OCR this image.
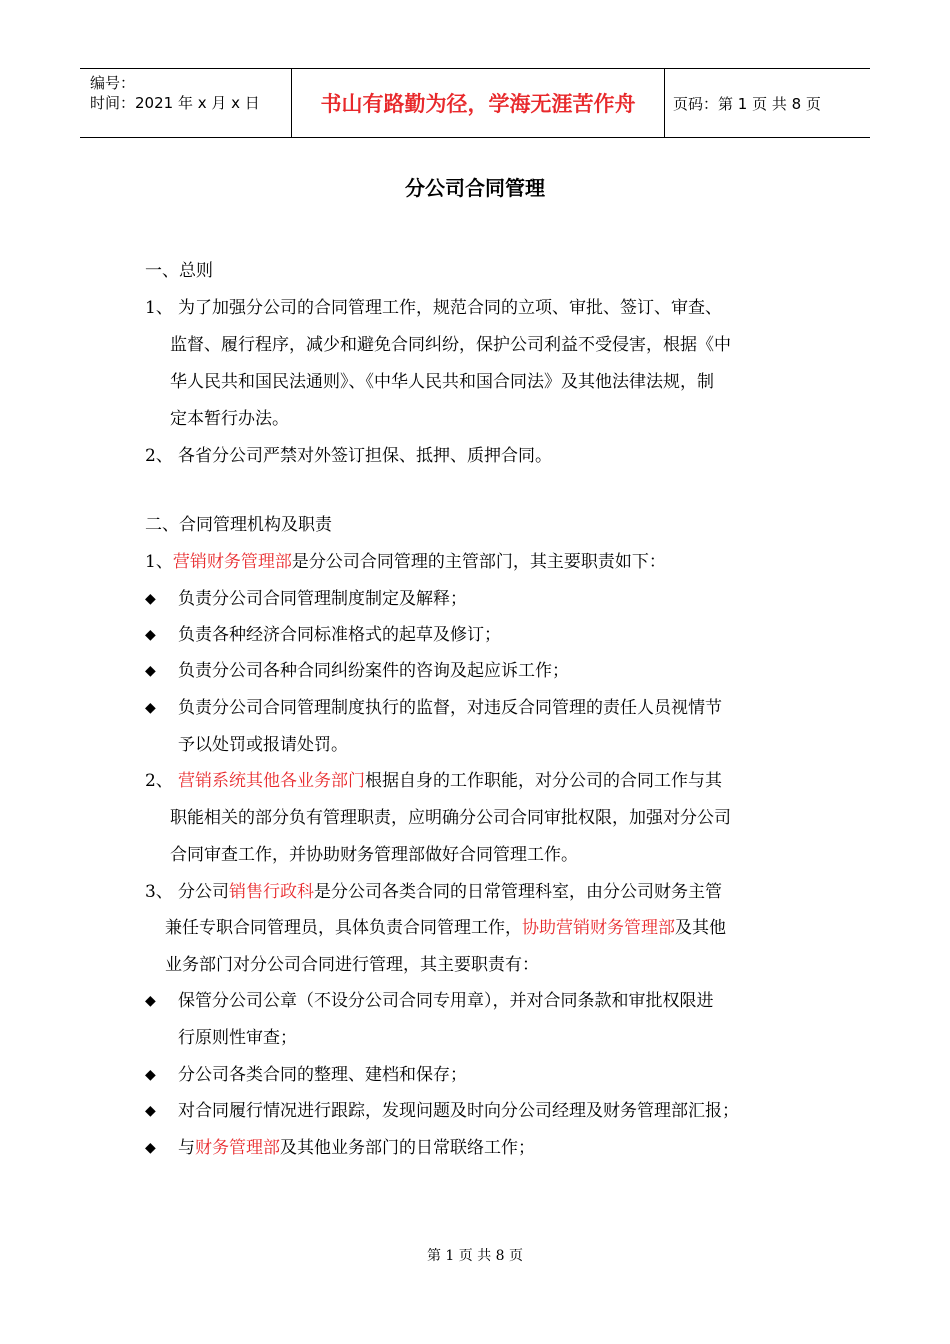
编号：
时间：2021 年 x 月 x 日	书山有路勤为径，学海无涯苦作舟	页码：第 1 页 共 8 页
分公司合同管理
一、总则
1、 为了加强分公司的合同管理工作，规范合同的立项、审批、签订、审查、
监督、履行程序，减少和避免合同纠纷，保护公司利益不受侵害，根据《中
华人民共和国民法通则》、《中华人民共和国合同法》及其他法律法规，制
定本暂行办法。
2、 各省分公司严禁对外签订担保、抵押、质押合同。
二、合同管理机构及职责
1、营销财务管理部是分公司合同管理的主管部门，其主要职责如下：
◆ 负责分公司合同管理制度制定及解释；
◆ 负责各种经济合同标准格式的起草及修订；
◆ 负责分公司各种合同纠纷案件的咨询及起应诉工作；
◆ 负责分公司合同管理制度执行的监督，对违反合同管理的责任人员视情节
予以处罚或报请处罚。
2、 营销系统其他各业务部门根据自身的工作职能，对分公司的合同工作与其
职能相关的部分负有管理职责，应明确分公司合同审批权限，加强对分公司
合同审查工作，并协助财务管理部做好合同管理工作。
3、 分公司销售行政科是分公司各类合同的日常管理科室，由分公司财务主管
兼任专职合同管理员，具体负责合同管理工作，协助营销财务管理部及其他
业务部门对分公司合同进行管理，其主要职责有：
◆ 保管分公司公章（不设分公司合同专用章），并对合同条款和审批权限进
行原则性审查；
◆ 分公司各类合同的整理、建档和保存；
◆ 对合同履行情况进行跟踪，发现问题及时向分公司经理及财务管理部汇报；
◆ 与财务管理部及其他业务部门的日常联络工作；
第 1 页 共 8 页
